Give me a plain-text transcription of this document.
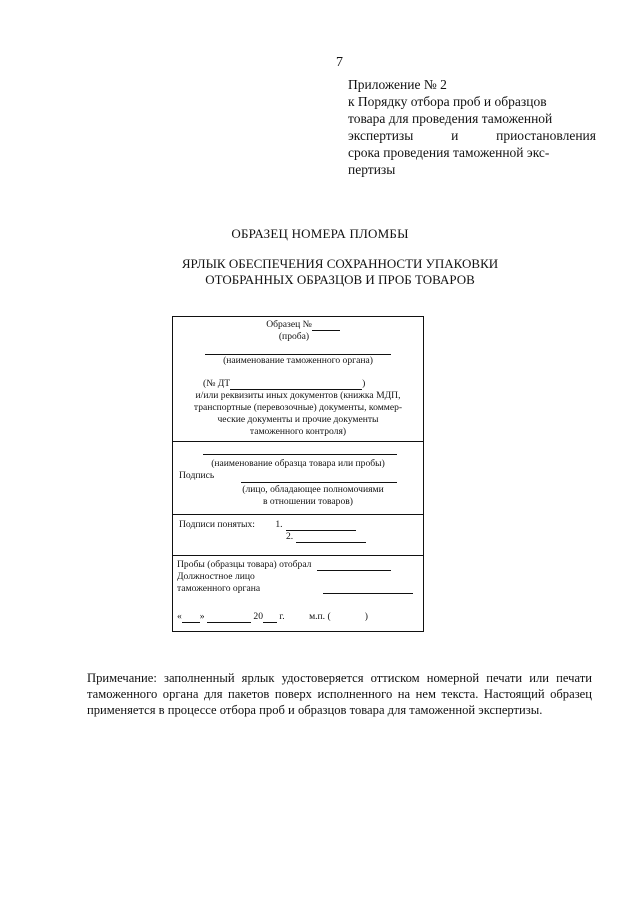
7
Приложение № 2
к Порядку отбора проб и образцов
товара для проведения таможенной
экспертизы	и	приостановления
срока проведения таможенной экс-
пертизы
ОБРАЗЕЦ НОМЕРА ПЛОМБЫ
ЯРЛЫК ОБЕСПЕЧЕНИЯ СОХРАННОСТИ УПАКОВКИ
ОТОБРАННЫХ ОБРАЗЦОВ И ПРОБ ТОВАРОВ
Образец №
(проба)
(наименование таможенного органа)
(№ ДТ	)
и/или реквизиты иных документов (книжка МДП,
транспортные (перевозочные) документы, коммер-
ческие документы и прочие документы
таможенного контроля)
(наименование образца товара или пробы)
Подпись
(лицо, обладающее полномочиями
в отношении товаров)
Подписи понятых: 1.
2.
Пробы (образцы товара) отобрал
Должностное лицо
таможенного органа
« »	20 г.	м.п. (	)
Примечание: заполненный ярлык удостоверяется оттиском номерной печати или печати таможенного органа для пакетов поверх исполненного на нем текста. Настоящий образец применяется в процессе отбора проб и образцов товара для таможенной экспертизы.
